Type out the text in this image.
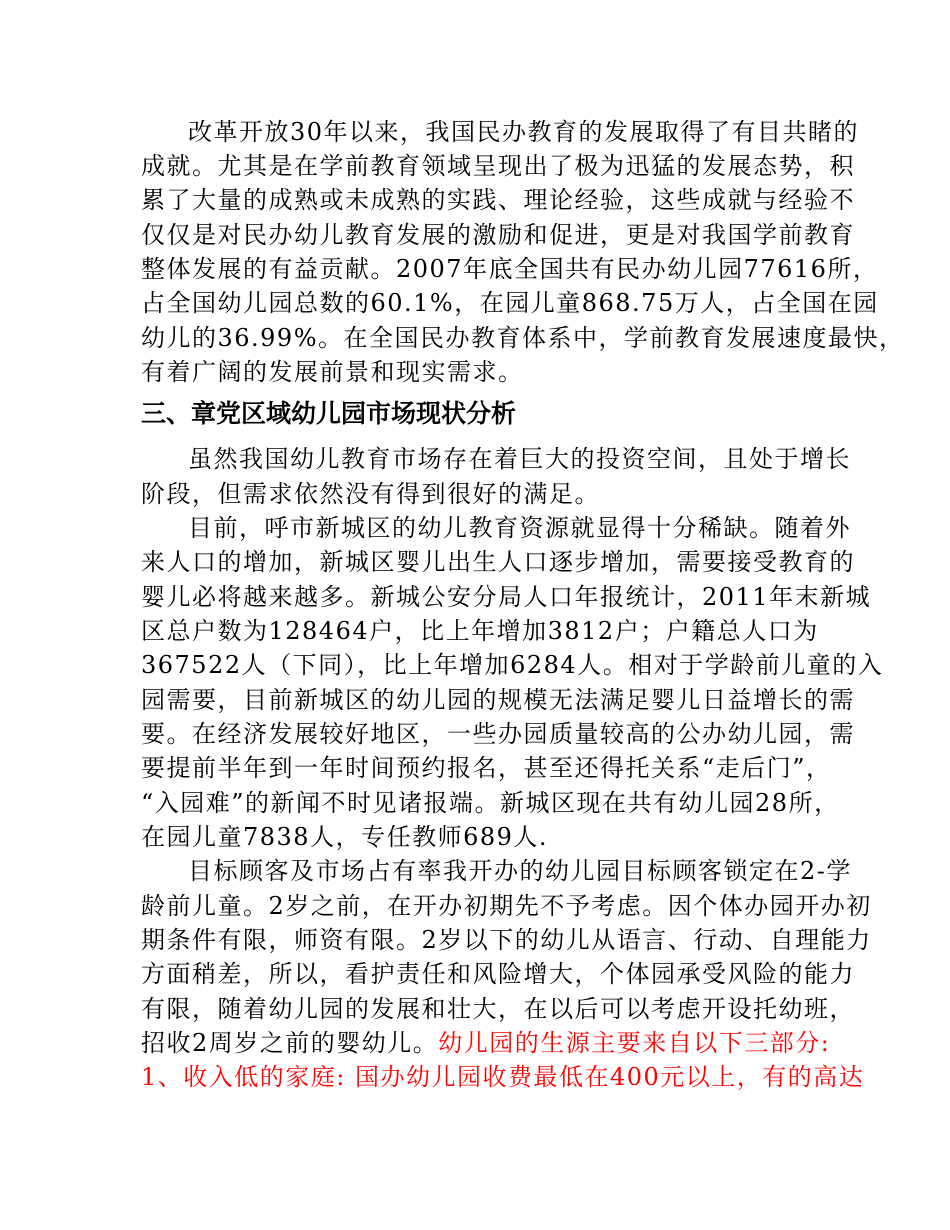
改革开放30年以来，我国民办教育的发展取得了有目共睹的
成就。尤其是在学前教育领域呈现出了极为迅猛的发展态势，积
累了大量的成熟或未成熟的实践、理论经验，这些成就与经验不
仅仅是对民办幼儿教育发展的激励和促进，更是对我国学前教育
整体发展的有益贡献。2007年底全国共有民办幼儿园77616所，
占全国幼儿园总数的60.1%，在园儿童868.75万人，占全国在园
幼儿的36.99%。在全国民办教育体系中，学前教育发展速度最快，
有着广阔的发展前景和现实需求。
三、章党区域幼儿园市场现状分析
虽然我国幼儿教育市场存在着巨大的投资空间，且处于增长
阶段，但需求依然没有得到很好的满足。
目前，呼市新城区的幼儿教育资源就显得十分稀缺。随着外
来人口的增加，新城区婴儿出生人口逐步增加，需要接受教育的
婴儿必将越来越多。新城公安分局人口年报统计，2011年末新城
区总户数为128464户，比上年增加3812户；户籍总人口为
367522人（下同），比上年增加6284人。相对于学龄前儿童的入
园需要，目前新城区的幼儿园的规模无法满足婴儿日益增长的需
要。在经济发展较好地区，一些办园质量较高的公办幼儿园，需
要提前半年到一年时间预约报名，甚至还得托关系“走后门”，
“入园难”的新闻不时见诸报端。新城区现在共有幼儿园28所，
在园儿童7838人，专任教师689人.
目标顾客及市场占有率我开办的幼儿园目标顾客锁定在2-学
龄前儿童。2岁之前，在开办初期先不予考虑。因个体办园开办初
期条件有限，师资有限。2岁以下的幼儿从语言、行动、自理能力
方面稍差，所以，看护责任和风险增大，个体园承受风险的能力
有限，随着幼儿园的发展和壮大，在以后可以考虑开设托幼班，
招收2周岁之前的婴幼儿。幼儿园的生源主要来自以下三部分:
1、收入低的家庭: 国办幼儿园收费最低在400元以上，有的高达
